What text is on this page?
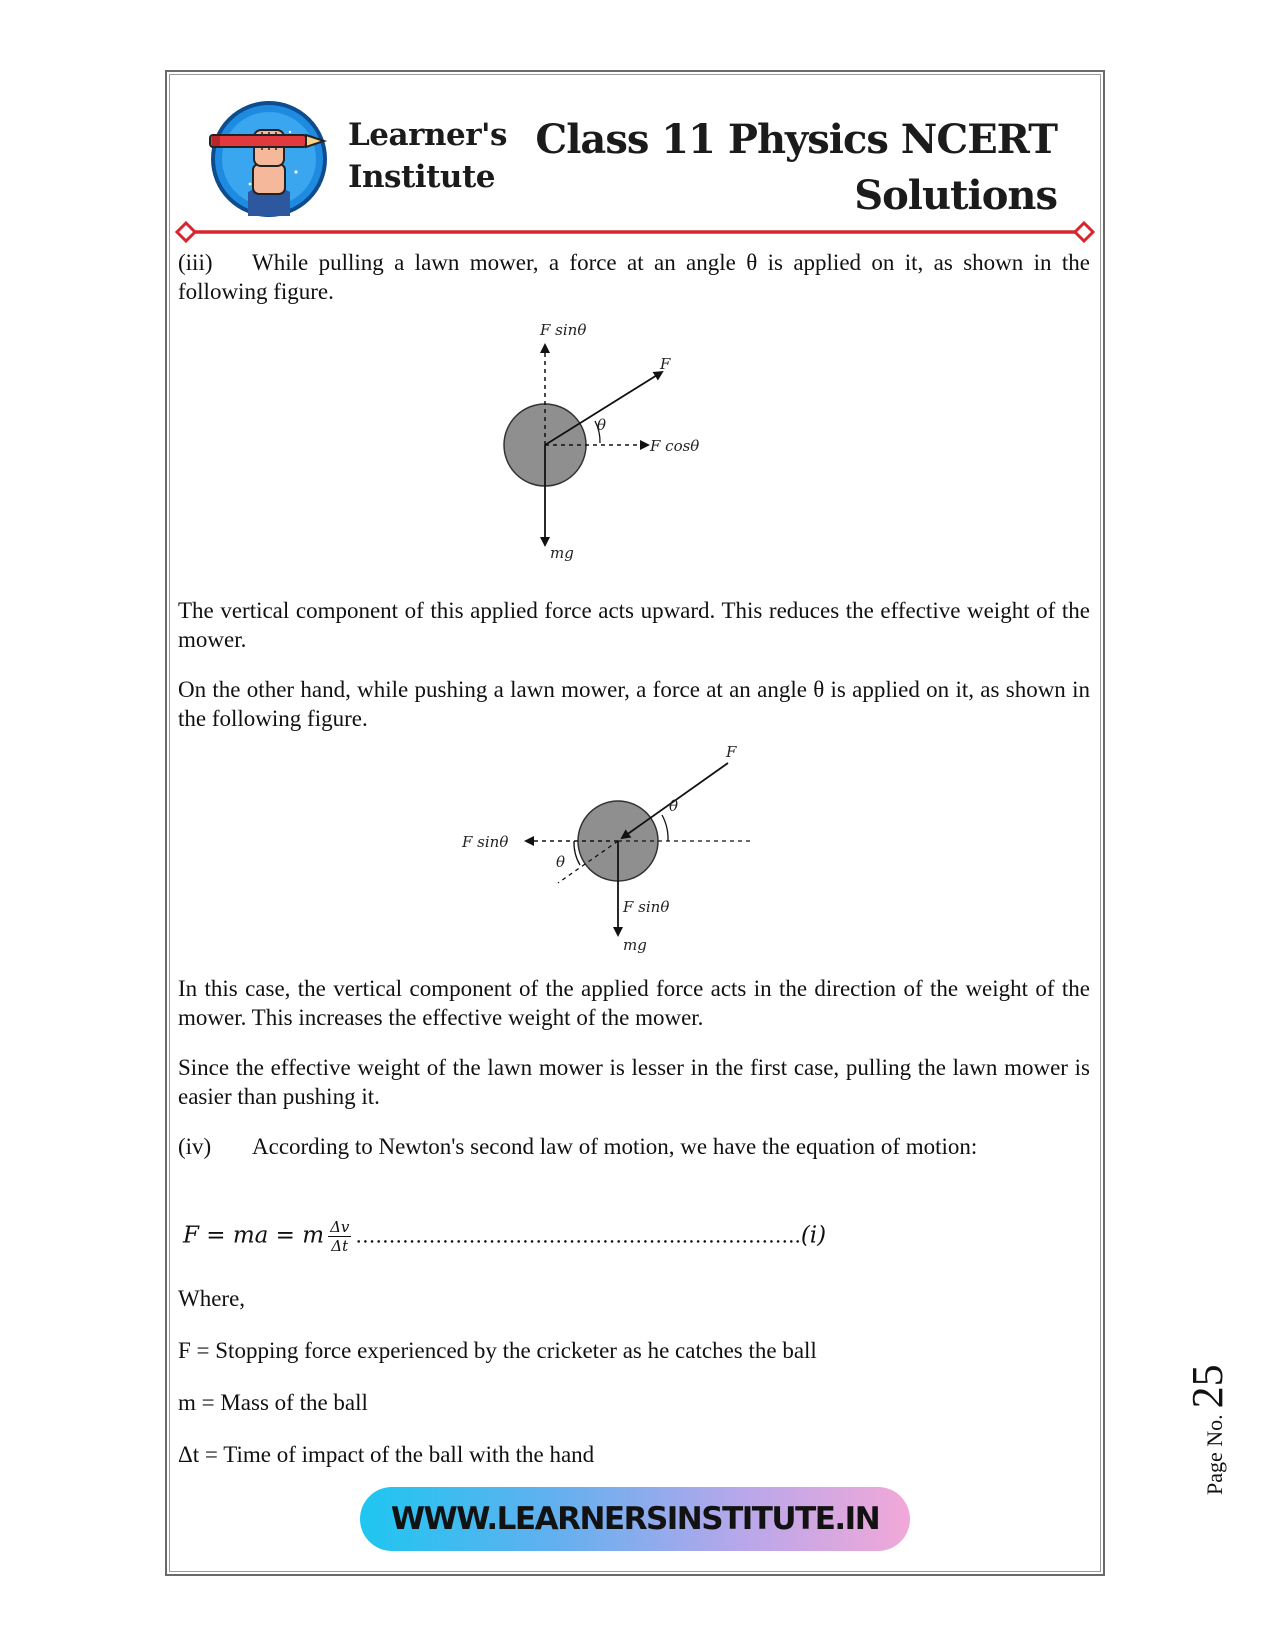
Learner's
Institute
Class 11 Physics NCERT
Solutions

(iii) While pulling a lawn mower, a force at an angle θ is applied on it, as shown in the following figure.

F sinθ
F
θ
F cosθ
mg

The vertical component of this applied force acts upward. This reduces the effective weight of the mower.

On the other hand, while pushing a lawn mower, a force at an angle θ is applied on it, as shown in the following figure.

F
θ
F sinθ
θ
F sinθ
mg

In this case, the vertical component of the applied force acts in the direction of the weight of the mower. This increases the effective weight of the mower.

Since the effective weight of the lawn mower is lesser in the first case, pulling the lawn mower is easier than pushing it.

(iv) According to Newton's second law of motion, we have the equation of motion:

F = ma = m $\frac{\Delta v}{\Delta t}$ …………………………………………..……………..(i)

Where,

F = Stopping force experienced by the cricketer as he catches the ball

m = Mass of the ball

Δt = Time of impact of the ball with the hand

WWW.LEARNERSINSTITUTE.IN
Page No.25
